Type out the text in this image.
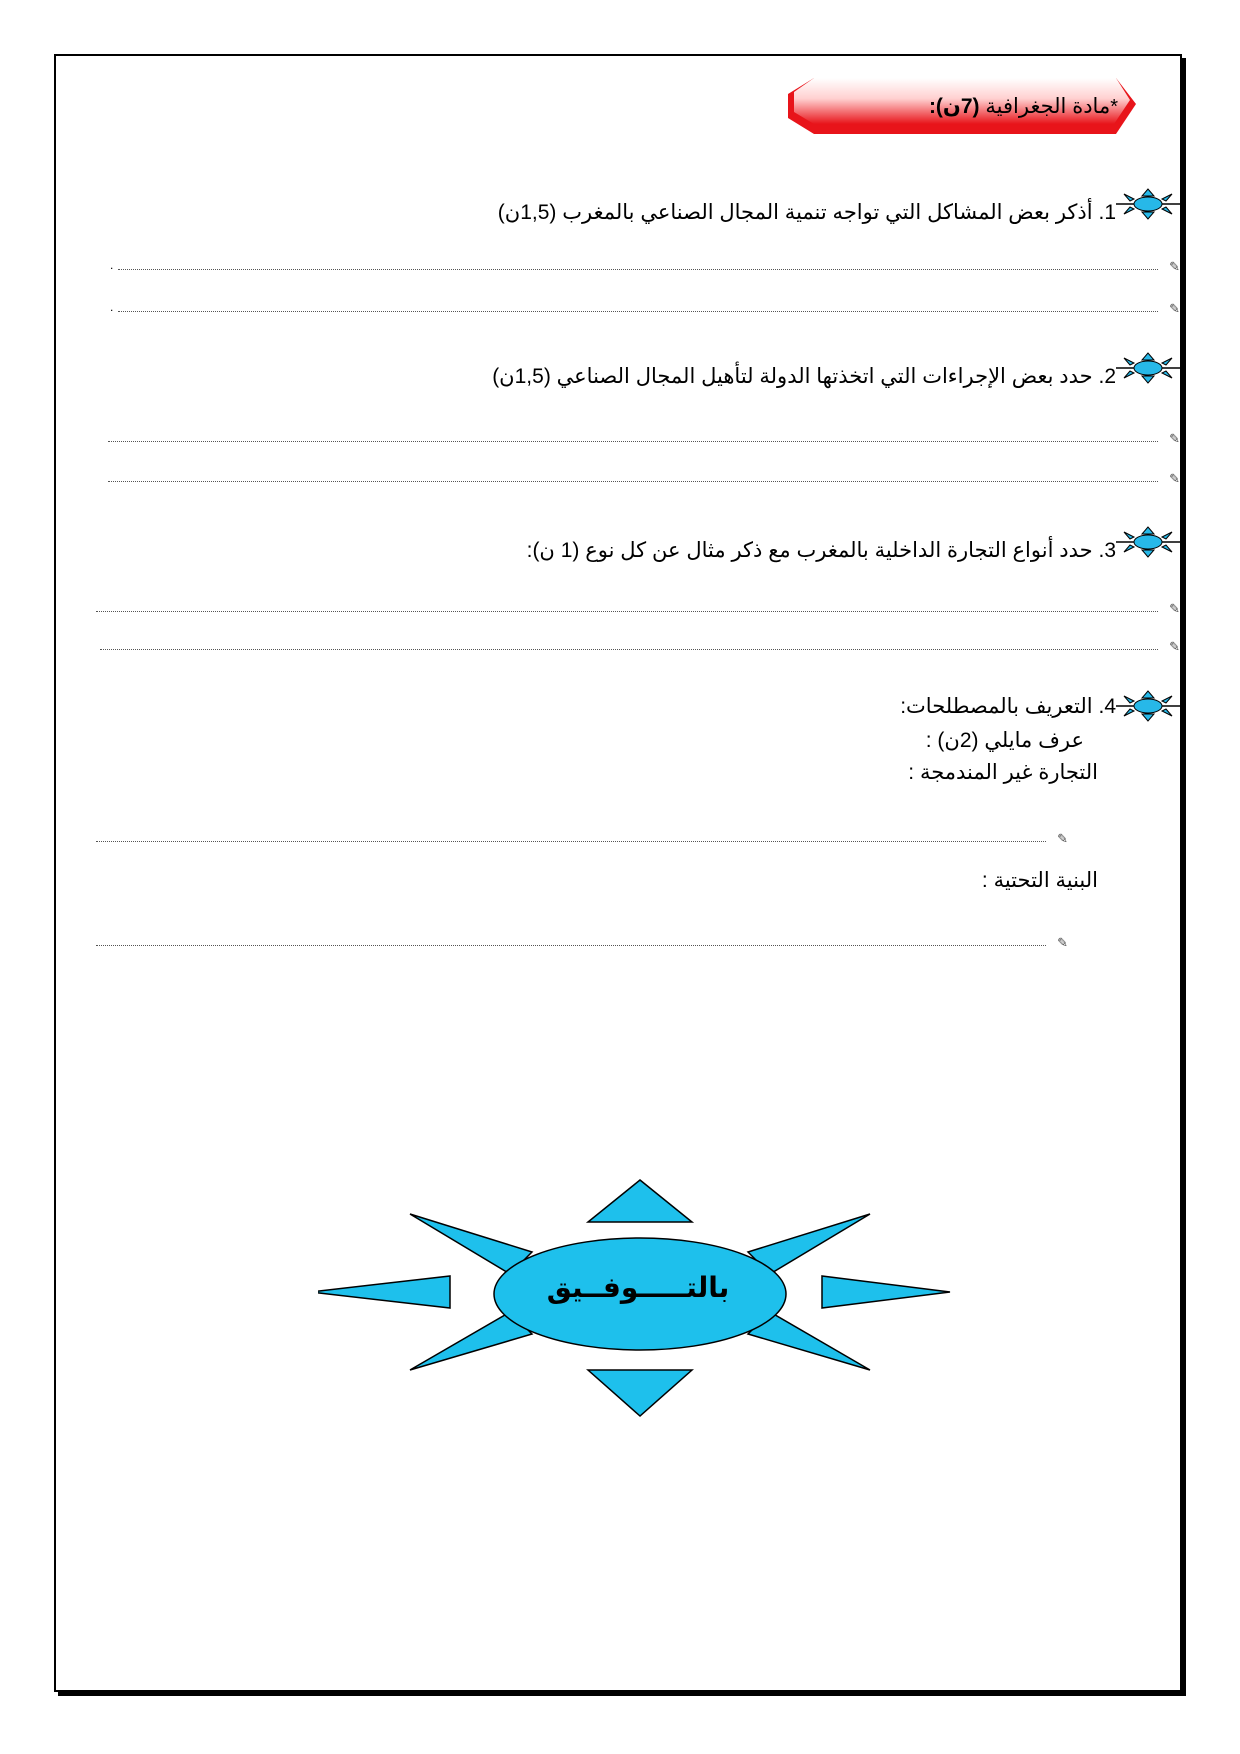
*مادة الجغرافية (7ن):
1. أذكر بعض المشاكل التي تواجه تنمية المجال الصناعي بالمغرب (1,5ن)
.	✎
.	✎
2. حدد بعض الإجراءات التي اتخذتها الدولة لتأهيل المجال الصناعي (1,5ن)
✎
✎
3. حدد أنواع التجارة الداخلية بالمغرب مع ذكر مثال عن كل نوع (1 ن):
✎
✎
4. التعريف بالمصطلحات:
عرف مايلي (2ن) :
التجارة غير المندمجة :
✎
البنية التحتية :
✎
بالتـــــوفــيق
